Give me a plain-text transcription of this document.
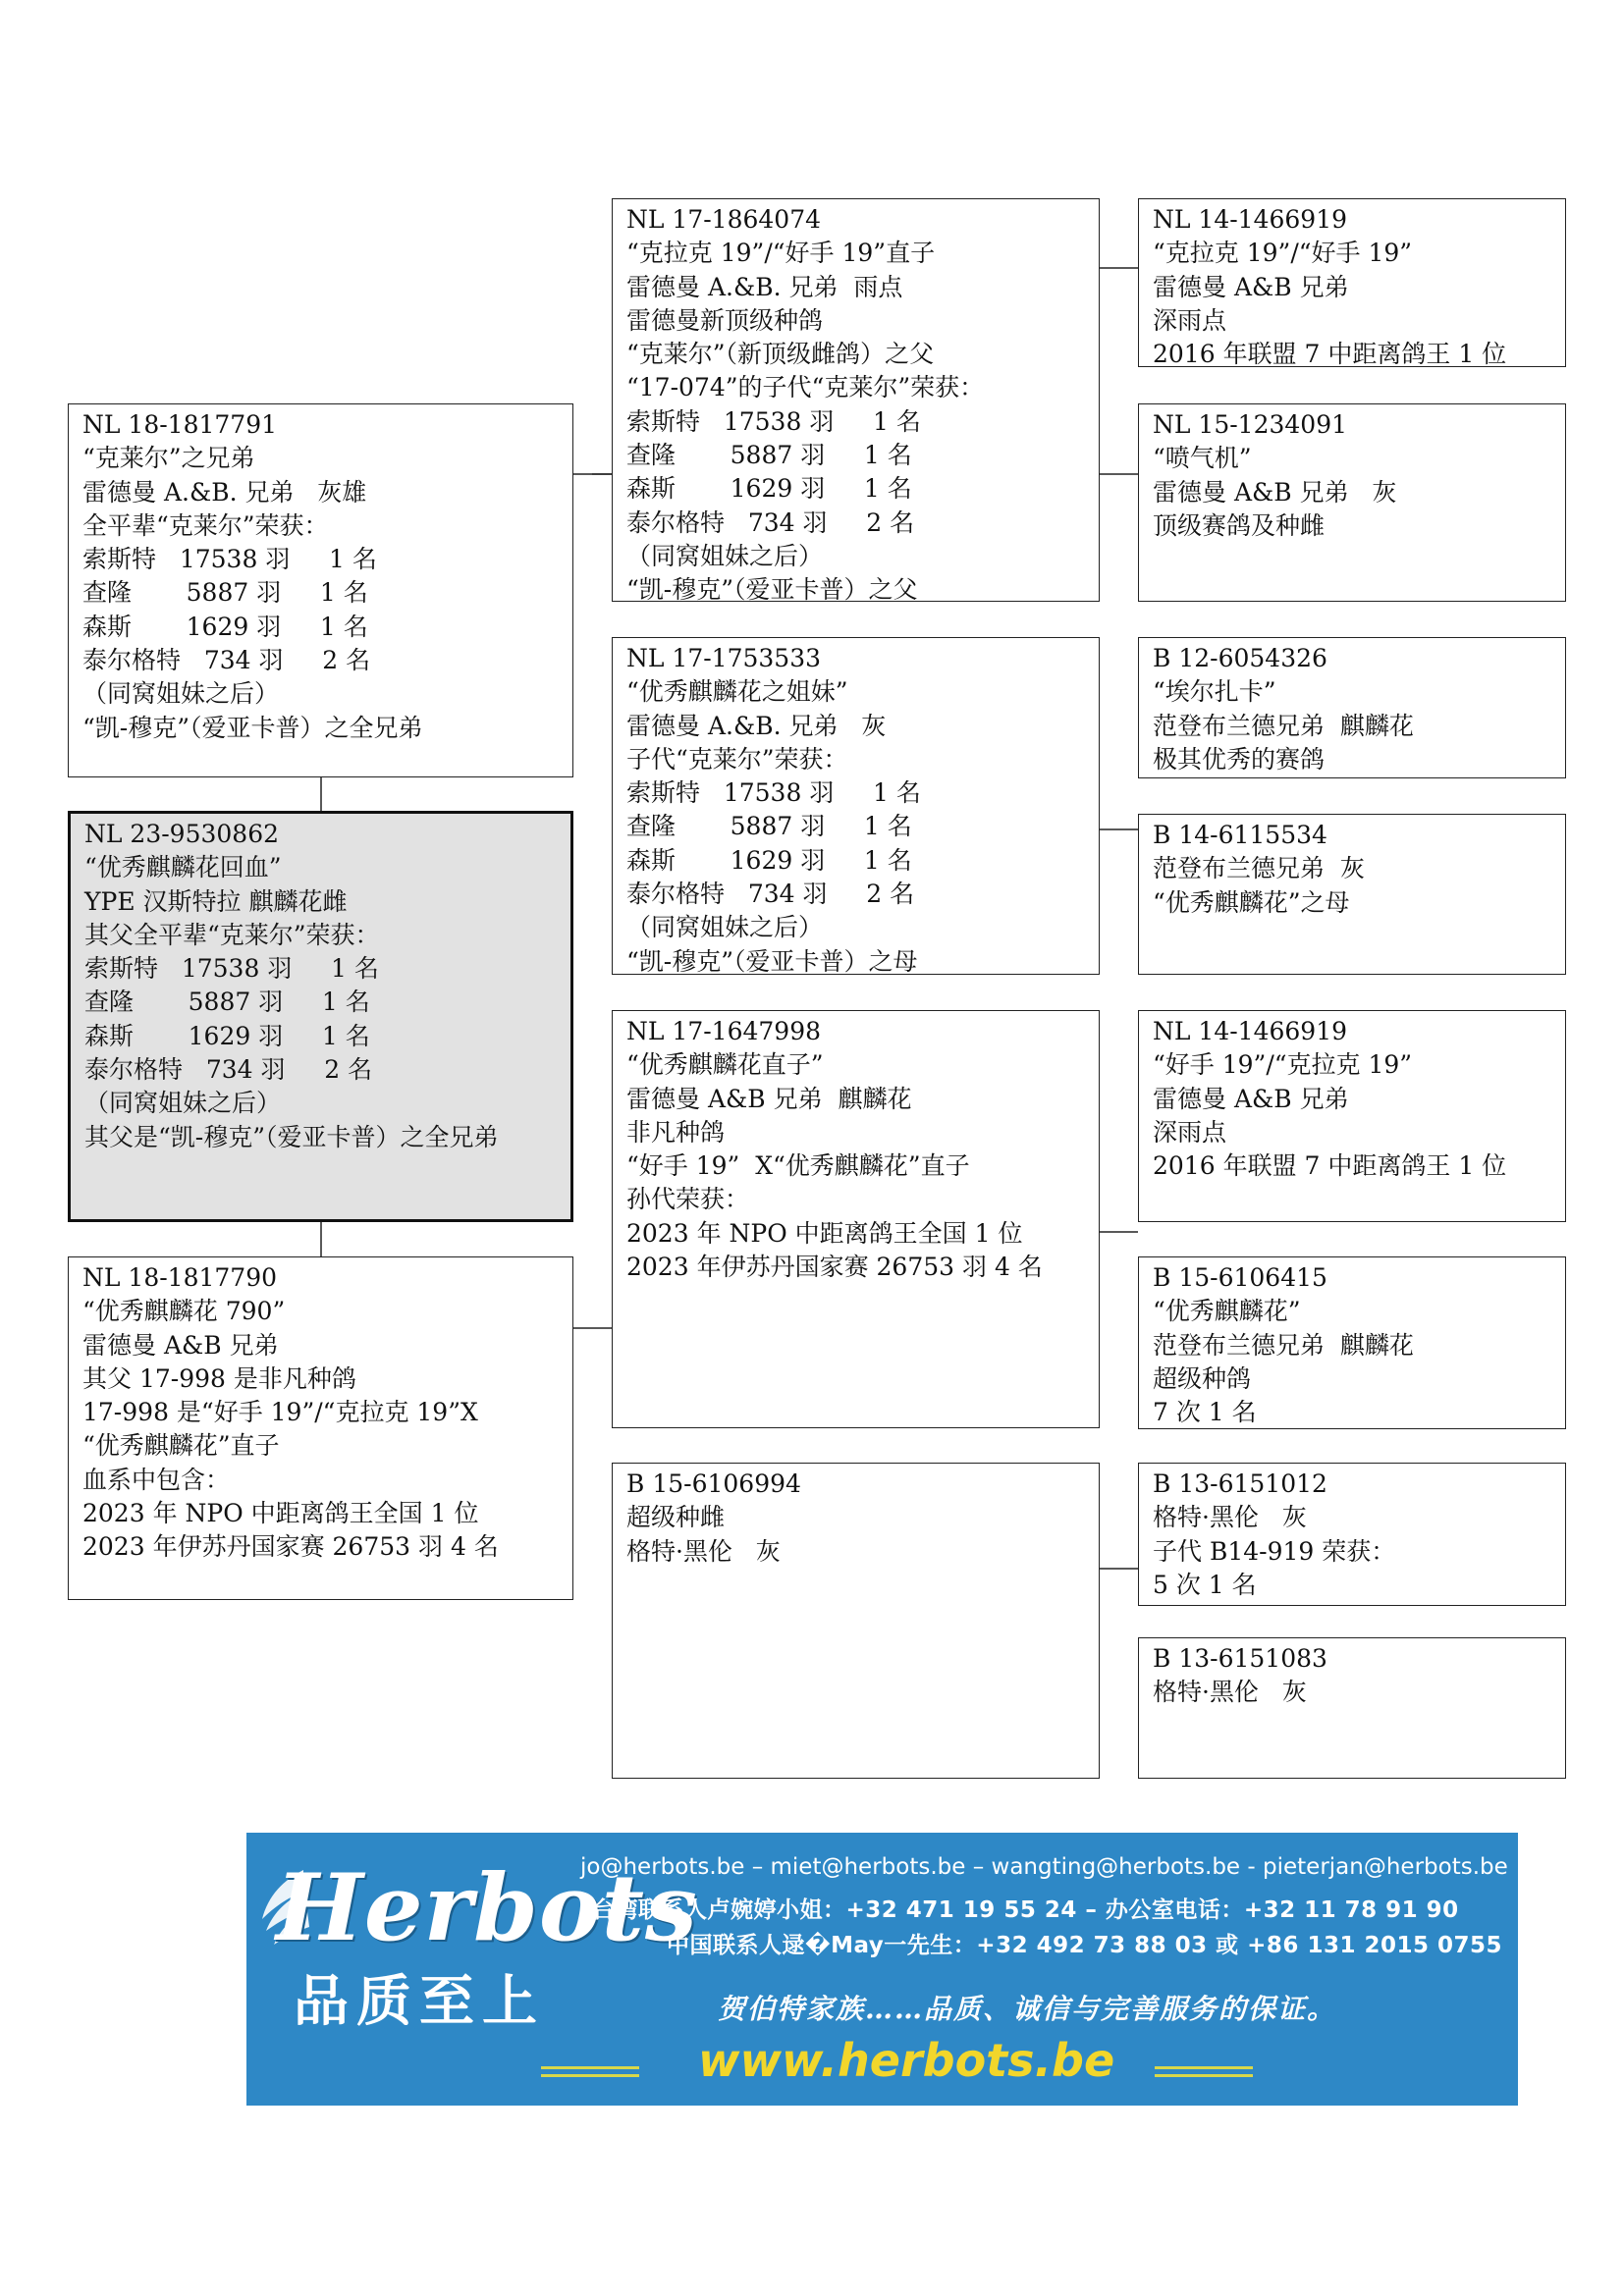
NL 18-1817791

“克莱尔”之兄弟

雷德曼 A.&B. 兄弟   灰雄

全平辈“克莱尔”荣获：

索斯特   17538 羽     1 名

查隆       5887 羽     1 名

森斯       1629 羽     1 名

泰尔格特   734 羽     2 名

（同窝姐妹之后）

“凯-穆克”（爱亚卡普）之全兄弟

NL 23-9530862

“优秀麒麟花回血”

YPE 汉斯特拉 麒麟花雌

其父全平辈“克莱尔”荣获：

索斯特   17538 羽     1 名

查隆       5887 羽     1 名

森斯       1629 羽     1 名

泰尔格特   734 羽     2 名

（同窝姐妹之后）

其父是“凯-穆克”（爱亚卡普）之全兄弟

NL 18-1817790

“优秀麒麟花 790”

雷德曼 A&B 兄弟

其父 17-998 是非凡种鸽

17-998 是“好手 19”/“克拉克 19”X

“优秀麒麟花”直子

血系中包含：

2023 年 NPO 中距离鸽王全国 1 位

2023 年伊苏丹国家赛 26753 羽 4 名

NL 17-1864074

“克拉克 19”/“好手 19”直子

雷德曼 A.&B. 兄弟  雨点

雷德曼新顶级种鸽

“克莱尔”（新顶级雌鸽）之父

“17-074”的子代“克莱尔”荣获：

索斯特   17538 羽     1 名

查隆       5887 羽     1 名

森斯       1629 羽     1 名

泰尔格特   734 羽     2 名

（同窝姐妹之后）

“凯-穆克”（爱亚卡普）之父

NL 17-1753533

“优秀麒麟花之姐妹”

雷德曼 A.&B. 兄弟   灰

子代“克莱尔”荣获：

索斯特   17538 羽     1 名

查隆       5887 羽     1 名

森斯       1629 羽     1 名

泰尔格特   734 羽     2 名

（同窝姐妹之后）

“凯-穆克”（爱亚卡普）之母

NL 17-1647998

“优秀麒麟花直子”

雷德曼 A&B 兄弟  麒麟花

非凡种鸽

“好手 19”  X“优秀麒麟花”直子

孙代荣获：

2023 年 NPO 中距离鸽王全国 1 位

2023 年伊苏丹国家赛 26753 羽 4 名

B 15-6106994

超级种雌

格特·黑伦   灰

NL 14-1466919

“克拉克 19”/“好手 19”

雷德曼 A&B 兄弟

深雨点

2016 年联盟 7 中距离鸽王 1 位

NL 15-1234091

“喷气机”

雷德曼 A&B 兄弟   灰

顶级赛鸽及种雌

B 12-6054326

“埃尔扎卡”

范登布兰德兄弟  麒麟花

极其优秀的赛鸽

B 14-6115534

范登布兰德兄弟  灰

“优秀麒麟花”之母

NL 14-1466919

“好手 19”/“克拉克 19”

雷德曼 A&B 兄弟

深雨点

2016 年联盟 7 中距离鸽王 1 位

B 15-6106415

“优秀麒麟花”

范登布兰德兄弟  麒麟花

超级种鸽

7 次 1 名

B 13-6151012

格特·黑伦   灰

子代 B14-919 荣获：

5 次 1 名

B 13-6151083

格特·黑伦   灰

Herbots
品质至上
jo@herbots.be – miet@herbots.be – wangting@herbots.be - pieterjan@herbots.be
台湾联系人卢婉婷小姐：+32 471 19 55 24 – 办公室电话：+32 11 78 91 90
中国联系人逯�May一先生：+32 492 73 88 03 或 +86 131 2015 0755
贺伯特家族……品质、诚信与完善服务的保证。
www.herbots.be
